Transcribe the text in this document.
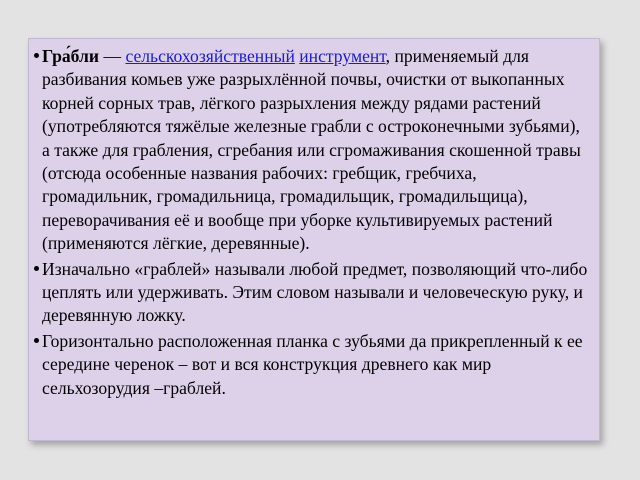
Гра́бли — сельскохозяйственный инструмент, применяемый для разбивания комьев уже разрыхлённой почвы, очистки от выкопанных корней сорных трав, лёгкого разрыхления между рядами растений (употребляются тяжёлые железные грабли с остроконечными зубьями), а также для грабления, сгребания или сгромаживания скошенной травы (отсюда особенные названия рабочих: гребщик, гребчиха, громадильник, громадильница, громадильщик, громадильщица), переворачивания её и вообще при уборке культивируемых растений (применяются лёгкие, деревянные).
Изначально «граблей» называли любой предмет, позволяющий что-либо цеплять или удерживать. Этим словом называли и человеческую руку, и деревянную ложку.
Горизонтально расположенная планка с зубьями да прикрепленный к ее середине черенок – вот и вся конструкция древнего как мир сельхозорудия –граблей.
